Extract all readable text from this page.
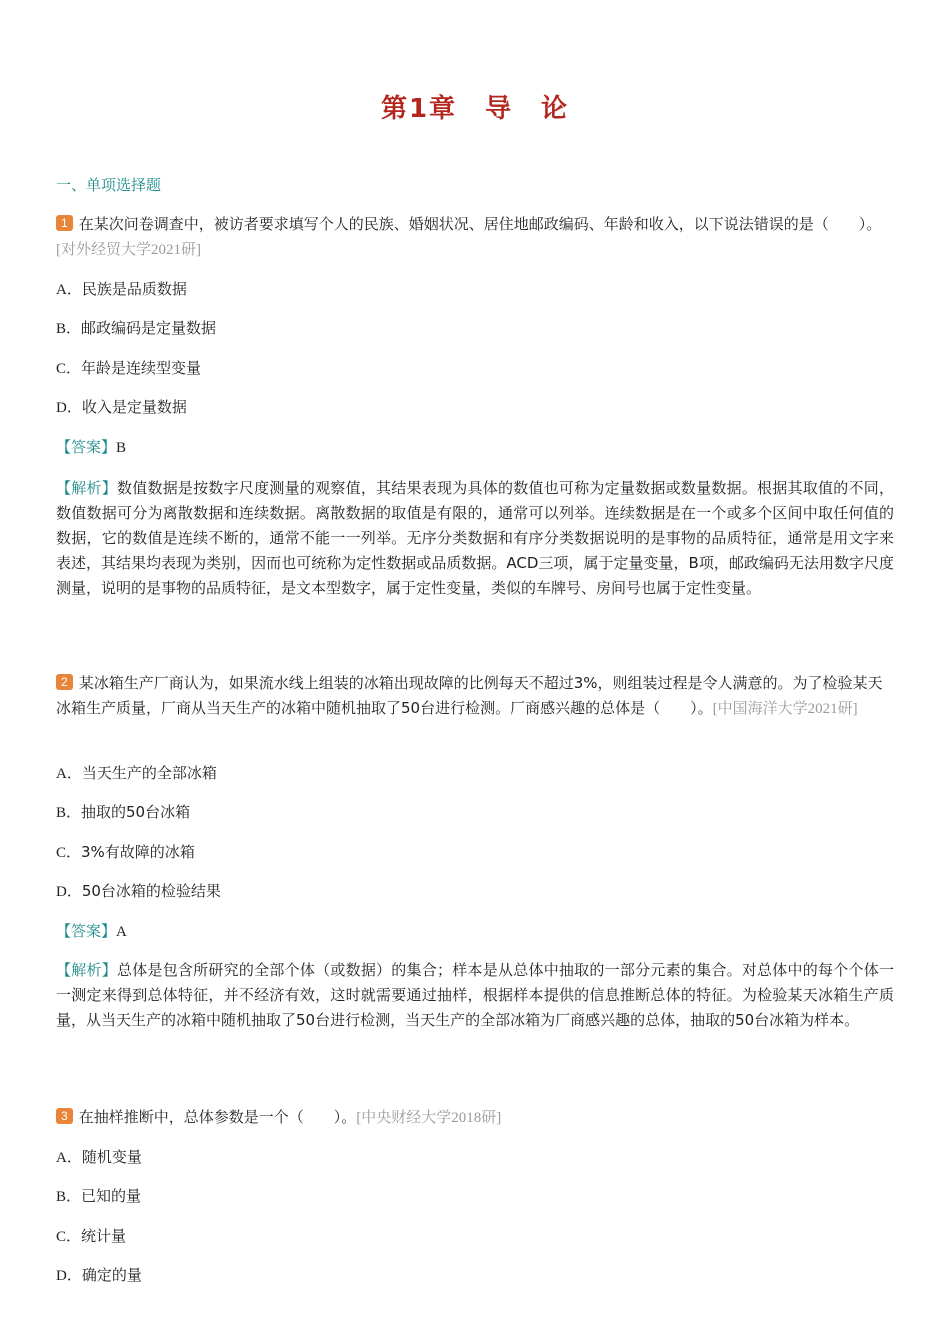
第1章　导　论
一、单项选择题

1 在某次问卷调查中，被访者要求填写个人的民族、婚姻状况、居住地邮政编码、年龄和收入，以下说法错误的是（　　）。[对外经贸大学2021研]

A．民族是品质数据

B．邮政编码是定量数据

C．年龄是连续型变量

D．收入是定量数据

【答案】B

【解析】数值数据是按数字尺度测量的观察值，其结果表现为具体的数值也可称为定量数据或数量数据。根据其取值的不同，数值数据可分为离散数据和连续数据。离散数据的取值是有限的，通常可以列举。连续数据是在一个或多个区间中取任何值的数据，它的数值是连续不断的，通常不能一一列举。无序分类数据和有序分类数据说明的是事物的品质特征，通常是用文字来表述，其结果均表现为类别，因而也可统称为定性数据或品质数据。ACD三项，属于定量变量，B项，邮政编码无法用数字尺度测量，说明的是事物的品质特征，是文本型数字，属于定性变量，类似的车牌号、房间号也属于定性变量。

2 某冰箱生产厂商认为，如果流水线上组装的冰箱出现故障的比例每天不超过3%，则组装过程是令人满意的。为了检验某天冰箱生产质量，厂商从当天生产的冰箱中随机抽取了50台进行检测。厂商感兴趣的总体是（　　）。[中国海洋大学2021研]

A．当天生产的全部冰箱

B．抽取的50台冰箱

C．3%有故障的冰箱

D．50台冰箱的检验结果

【答案】A

【解析】总体是包含所研究的全部个体（或数据）的集合；样本是从总体中抽取的一部分元素的集合。对总体中的每个个体一一测定来得到总体特征，并不经济有效，这时就需要通过抽样，根据样本提供的信息推断总体的特征。为检验某天冰箱生产质量，从当天生产的冰箱中随机抽取了50台进行检测，当天生产的全部冰箱为厂商感兴趣的总体，抽取的50台冰箱为样本。

3 在抽样推断中，总体参数是一个（　　）。[中央财经大学2018研]

A．随机变量

B．已知的量

C．统计量

D．确定的量
